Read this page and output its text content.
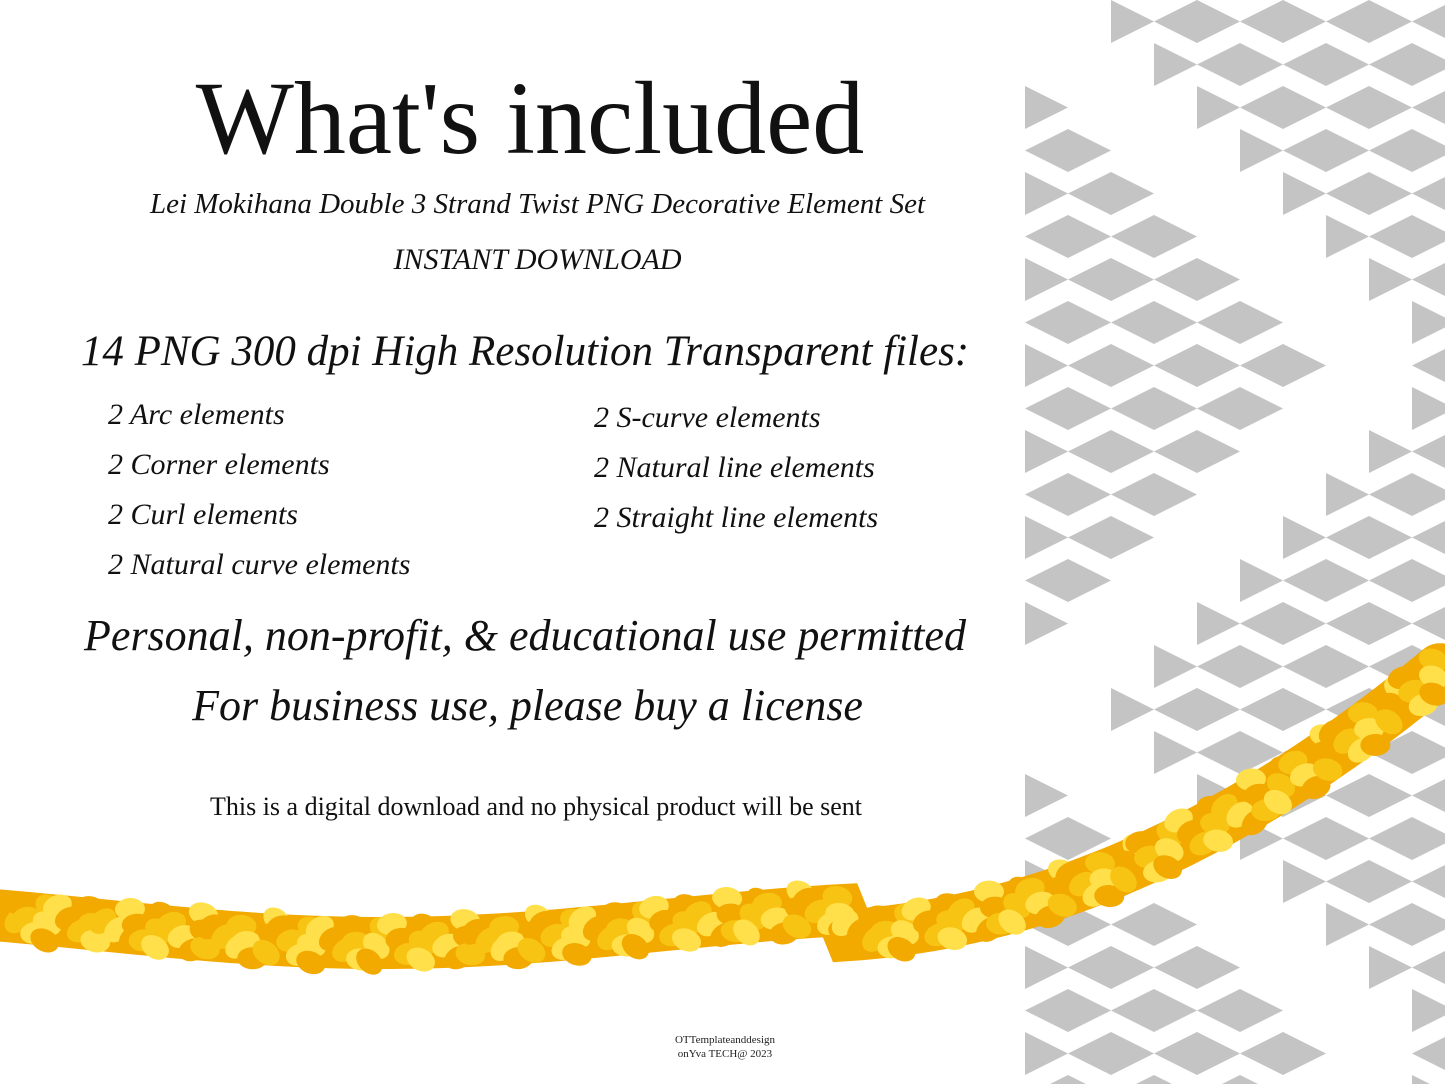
What's included
Lei Mokihana Double 3 Strand Twist PNG Decorative Element Set
INSTANT DOWNLOAD
14 PNG 300 dpi High Resolution Transparent files:
2 Arc elements
2 Corner elements
2 Curl elements
2 Natural curve elements
2 S-curve elements
2 Natural line elements
2 Straight line elements
Personal, non-profit, & educational use permitted
For business use, please buy a license
This is a digital download and no physical product will be sent
OTTemplateanddesign
onYva TECH@ 2023
